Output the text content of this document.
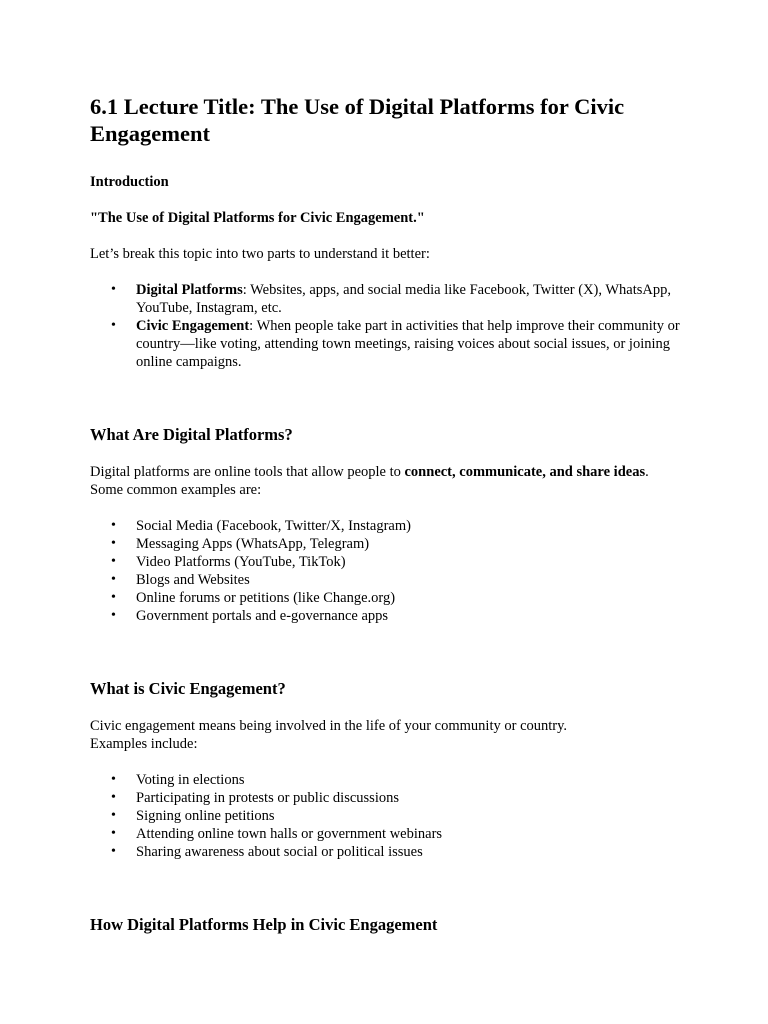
6.1 Lecture Title: The Use of Digital Platforms for Civic Engagement
Introduction
"The Use of Digital Platforms for Civic Engagement."

Let’s break this topic into two parts to understand it better:

• Digital Platforms: Websites, apps, and social media like Facebook, Twitter (X), WhatsApp, YouTube, Instagram, etc.
• Civic Engagement: When people take part in activities that help improve their community or country—like voting, attending town meetings, raising voices about social issues, or joining online campaigns.
What Are Digital Platforms?

Digital platforms are online tools that allow people to connect, communicate, and share ideas.
Some common examples are:

• Social Media (Facebook, Twitter/X, Instagram)
• Messaging Apps (WhatsApp, Telegram)
• Video Platforms (YouTube, TikTok)
• Blogs and Websites
• Online forums or petitions (like Change.org)
• Government portals and e-governance apps
What is Civic Engagement?

Civic engagement means being involved in the life of your community or country.
Examples include:

• Voting in elections
• Participating in protests or public discussions
• Signing online petitions
• Attending online town halls or government webinars
• Sharing awareness about social or political issues
How Digital Platforms Help in Civic Engagement
